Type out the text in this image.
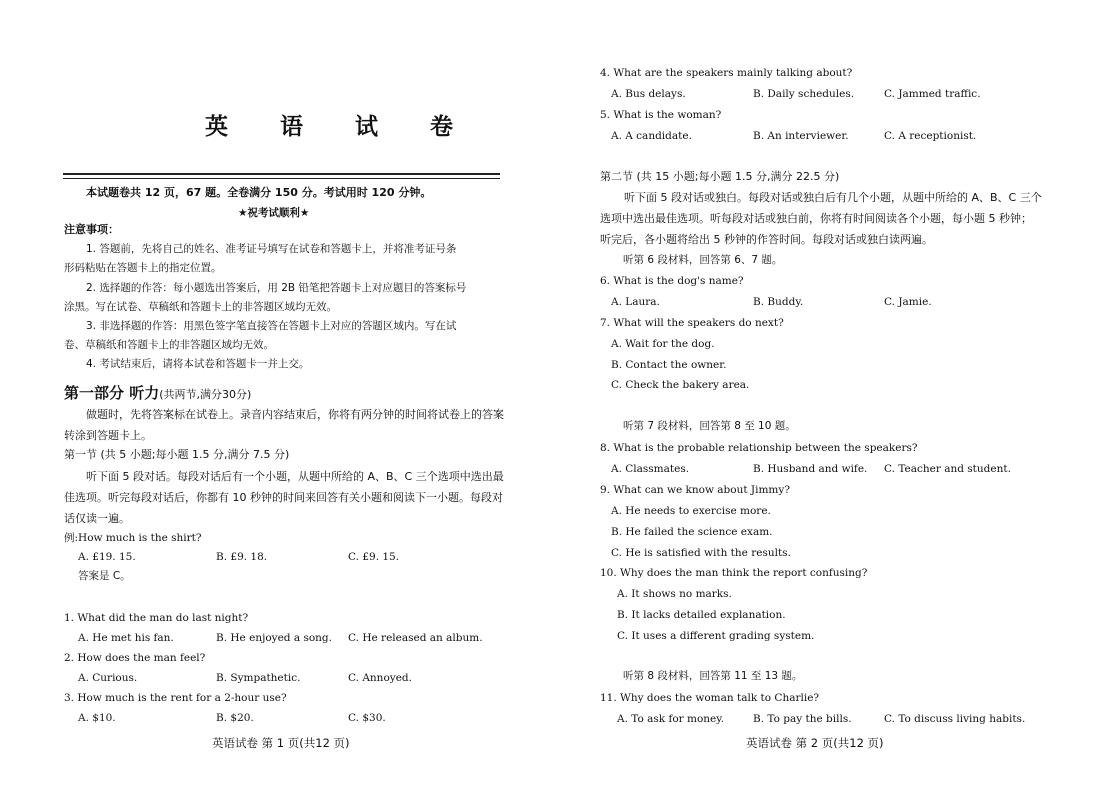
英 语 试 卷
本试题卷共 12 页，67 题。全卷满分 150 分。考试用时 120 分钟。
★祝考试顺利★
注意事项：
1. 答题前，先将自己的姓名、准考证号填写在试卷和答题卡上，并将准考证号条
形码粘贴在答题卡上的指定位置。
2. 选择题的作答：每小题选出答案后，用 2B 铅笔把答题卡上对应题目的答案标号
涂黑。写在试卷、草稿纸和答题卡上的非答题区域均无效。
3. 非选择题的作答：用黑色签字笔直接答在答题卡上对应的答题区域内。写在试
卷、草稿纸和答题卡上的非答题区域均无效。
4. 考试结束后，请将本试卷和答题卡一并上交。
第一部分 听力(共两节,满分30分)
做题时，先将答案标在试卷上。录音内容结束后，你将有两分钟的时间将试卷上的答案转涂到答题卡上。
第一节 (共 5 小题;每小题 1.5 分,满分 7.5 分)
听下面 5 段对话。每段对话后有一个小题，从题中所给的 A、B、C 三个选项中选出最佳选项。听完每段对话后，你都有 10 秒钟的时间来回答有关小题和阅读下一小题。每段对话仅读一遍。
例:How much is the shirt?
A. £19. 15.	B. £9. 18.	C. £9. 15.
答案是 C。
1. What did the man do last night?
A. He met his fan.	B. He enjoyed a song. C. He released an album.
2. How does the man feel?
A. Curious.	B. Sympathetic.	C. Annoyed.
3. How much is the rent for a 2-hour use?
A. $10.	B. $20.	C. $30.
英语试卷 第 1 页(共12 页)
4. What are the speakers mainly talking about?
A. Bus delays.	B. Daily schedules.	C. Jammed traffic.
5. What is the woman?
A. A candidate.	B. An interviewer.	C. A receptionist.
第二节 (共 15 小题;每小题 1.5 分,满分 22.5 分)
听下面 5 段对话或独白。每段对话或独白后有几个小题，从题中所给的 A、B、C 三个选项中选出最佳选项。听每段对话或独白前，你将有时间阅读各个小题，每小题 5 秒钟；听完后，各小题将给出 5 秒钟的作答时间。每段对话或独白读两遍。
听第 6 段材料，回答第 6、7 题。
6. What is the dog's name?
A. Laura.	B. Buddy.	C. Jamie.
7. What will the speakers do next?
A. Wait for the dog.
B. Contact the owner.
C. Check the bakery area.
听第 7 段材料，回答第 8 至 10 题。
8. What is the probable relationship between the speakers?
A. Classmates.	B. Husband and wife. C. Teacher and student.
9. What can we know about Jimmy?
A. He needs to exercise more.
B. He failed the science exam.
C. He is satisfied with the results.
10. Why does the man think the report confusing?
A. It shows no marks.
B. It lacks detailed explanation.
C. It uses a different grading system.
听第 8 段材料，回答第 11 至 13 题。
11. Why does the woman talk to Charlie?
A. To ask for money.	B. To pay the bills.	C. To discuss living habits.
英语试卷 第 2 页(共12 页)
